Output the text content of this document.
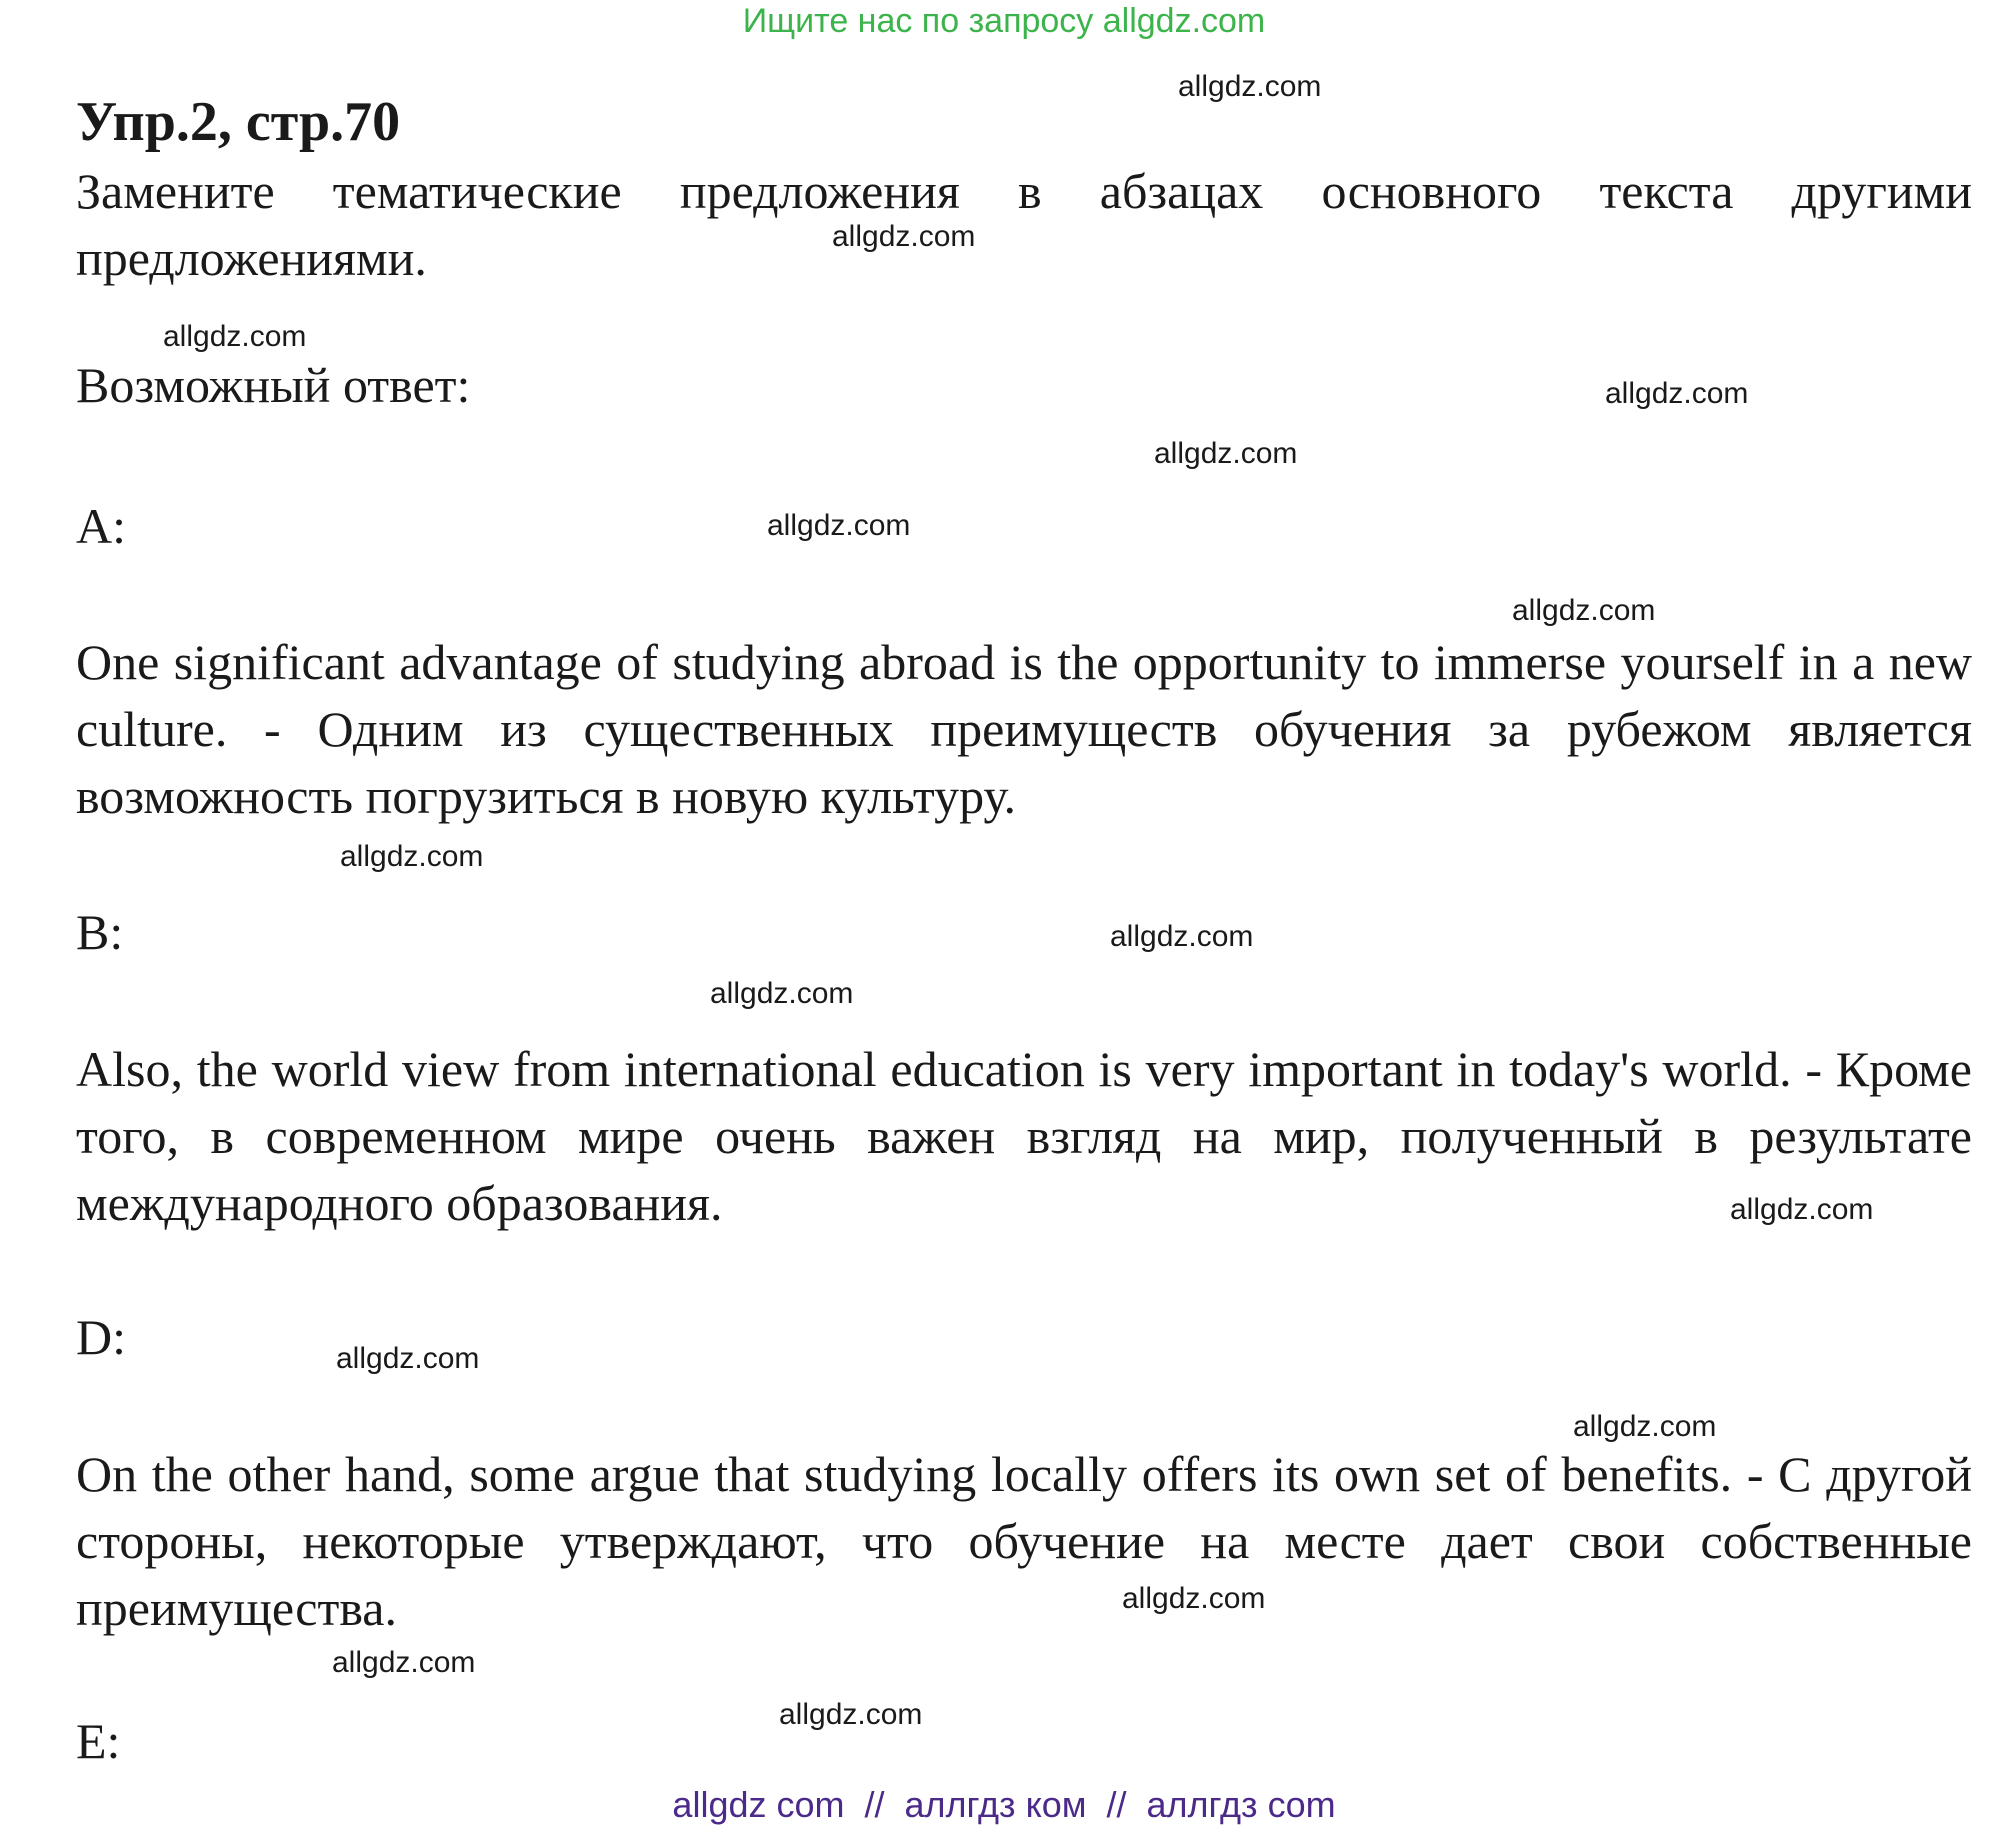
Ищите нас по запросу allgdz.com
Упр.2, стр.70
Замените тематические предложения в абзацах основного текста другими предложениями.
Возможный ответ:
A:
One significant advantage of studying abroad is the opportunity to immerse yourself in a new culture. - Одним из существенных преимуществ обучения за рубежом является возможность погрузиться в новую культуру.
B:
Also, the world view from international education is very important in today's world. - Кроме того, в современном мире очень важен взгляд на мир, полученный в результате международного образования.
D:
On the other hand, some argue that studying locally offers its own set of benefits. - С другой стороны, некоторые утверждают, что обучение на месте дает свои собственные преимущества.
E:
allgdz.com
allgdz.com
allgdz.com
allgdz.com
allgdz.com
allgdz.com
allgdz.com
allgdz.com
allgdz.com
allgdz.com
allgdz.com
allgdz.com
allgdz.com
allgdz.com
allgdz.com
allgdz.com
allgdz com  //  аллгдз ком  //  аллгдз com
